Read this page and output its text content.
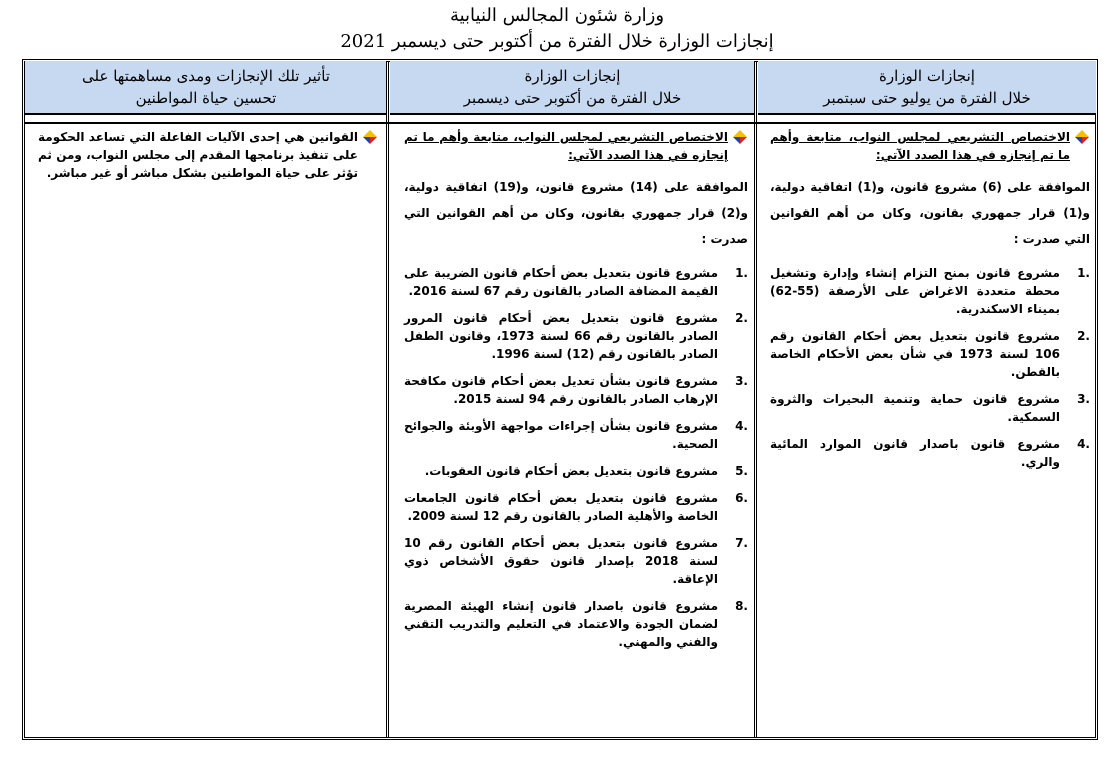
وزارة شئون المجالس النيابية
إنجازات الوزارة خلال الفترة من أكتوبر حتى ديسمبر 2021
إنجازات الوزارة
خلال الفترة من يوليو حتى سبتمبر
إنجازات الوزارة
خلال الفترة من أكتوبر حتى ديسمبر
تأثير تلك الإنجازات ومدى مساهمتها على
تحسين حياة المواطنين
الاختصاص التشريعي لمجلس النواب، متابعة وأهم ما تم إنجازه في هذا الصدد الآتي:
الموافقة على (6) مشروع قانون، و(1) اتفاقية دولية، و(1) قرار جمهوري بقانون، وكان من أهم القوانين التي صدرت :
1.
مشروع قانون بمنح التزام إنشاء وإدارة وتشغيل محطة متعددة الاغراض على الأرصفة (55-62) بميناء الاسكندرية.
2.
مشروع قانون بتعديل بعض أحكام القانون رقم 106 لسنة 1973 في شأن بعض الأحكام الخاصة بالقطن.
3.
مشروع قانون حماية وتنمية البحيرات والثروة السمكية.
4.
مشروع قانون باصدار قانون الموارد المائية والري.
الاختصاص التشريعي لمجلس النواب، متابعة وأهم ما تم إنجازه في هذا الصدد الآتي:
الموافقة على (14) مشروع قانون، و(19) اتفاقية دولية، و(2) قرار جمهوري بقانون، وكان من أهم القوانين التي صدرت :
1.
مشروع قانون بتعديل بعض أحكام قانون الضريبة على القيمة المضافة الصادر بالقانون رقم 67 لسنة 2016.
2.
مشروع قانون بتعديل بعض أحكام قانون المرور الصادر بالقانون رقم 66 لسنة 1973، وقانون الطفل الصادر بالقانون رقم (12) لسنة 1996.
3.
مشروع قانون بشأن تعديل بعض أحكام قانون مكافحة الإرهاب الصادر بالقانون رقم 94 لسنة 2015.
4.
مشروع قانون بشأن إجراءات مواجهة الأوبئة والجوائح الصحية.
5.
مشروع قانون بتعديل بعض أحكام قانون العقوبات.
6.
مشروع قانون بتعديل بعض أحكام قانون الجامعات الخاصة والأهلية الصادر بالقانون رقم 12 لسنة 2009.
7.
مشروع قانون بتعديل بعض أحكام القانون رقم 10 لسنة 2018 بإصدار قانون حقوق الأشخاص ذوي الإعاقة.
8.
مشروع قانون باصدار قانون إنشاء الهيئة المصرية لضمان الجودة والاعتماد في التعليم والتدريب التقني والفني والمهني.
القوانين هي إحدى الآليات الفاعلة التي تساعد الحكومة على تنفيذ برنامجها المقدم إلى مجلس النواب، ومن ثم تؤثر على حياة المواطنين بشكل مباشر أو غير مباشر.
